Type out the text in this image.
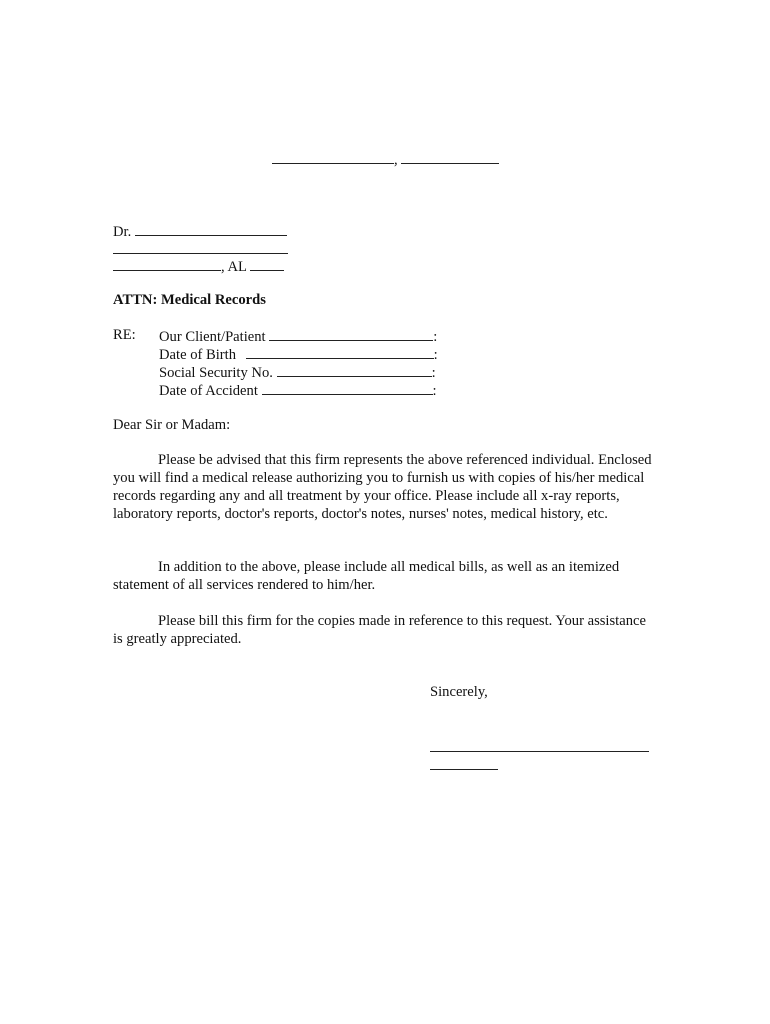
,
Dr.
, AL
ATTN: Medical Records
RE: Our Client/Patient	:
Date of Birth	:
Social Security No.	:
Date of Accident	:
Dear Sir or Madam:

Please be advised that this firm represents the above referenced individual. Enclosed you will find a medical release authorizing you to furnish us with copies of his/her medical records regarding any and all treatment by your office. Please include all x-ray reports, laboratory reports, doctor's reports, doctor's notes, nurses' notes, medical history, etc.

In addition to the above, please include all medical bills, as well as an itemized statement of all services rendered to him/her.

Please bill this firm for the copies made in reference to this request. Your assistance is greatly appreciated.

Sincerely,
